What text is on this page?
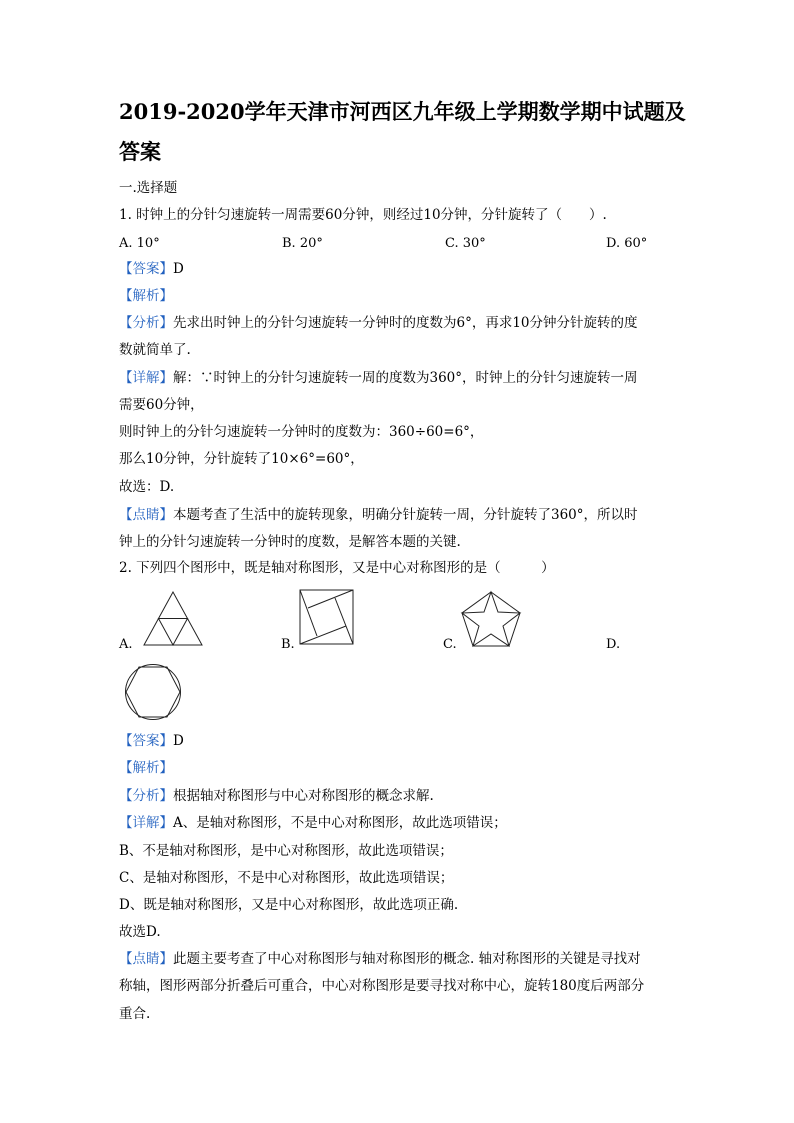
2019-2020学年天津市河西区九年级上学期数学期中试题及
答案
一.选择题
1. 时钟上的分针匀速旋转一周需要60分钟，则经过10分钟，分针旋转了（　　）.
A. 10°	B. 20°	C. 30°	D. 60°
【答案】D
【解析】
【分析】先求出时钟上的分针匀速旋转一分钟时的度数为6°，再求10分钟分针旋转的度
数就简单了.
【详解】解：∵时钟上的分针匀速旋转一周的度数为360°，时钟上的分针匀速旋转一周
需要60分钟，
则时钟上的分针匀速旋转一分钟时的度数为：360÷60=6°，
那么10分钟，分针旋转了10×6°=60°，
故选：D.
【点睛】本题考查了生活中的旋转现象，明确分针旋转一周，分针旋转了360°，所以时
钟上的分针匀速旋转一分钟时的度数，是解答本题的关键.
2. 下列四个图形中，既是轴对称图形，又是中心对称图形的是（　　　）
A.	B.	C.	D.
【答案】D
【解析】
【分析】根据轴对称图形与中心对称图形的概念求解.
【详解】A、是轴对称图形，不是中心对称图形，故此选项错误；
B、不是轴对称图形，是中心对称图形，故此选项错误；
C、是轴对称图形，不是中心对称图形，故此选项错误；
D、既是轴对称图形，又是中心对称图形，故此选项正确.
故选D.
【点睛】此题主要考查了中心对称图形与轴对称图形的概念. 轴对称图形的关键是寻找对
称轴，图形两部分折叠后可重合，中心对称图形是要寻找对称中心，旋转180度后两部分
重合.
